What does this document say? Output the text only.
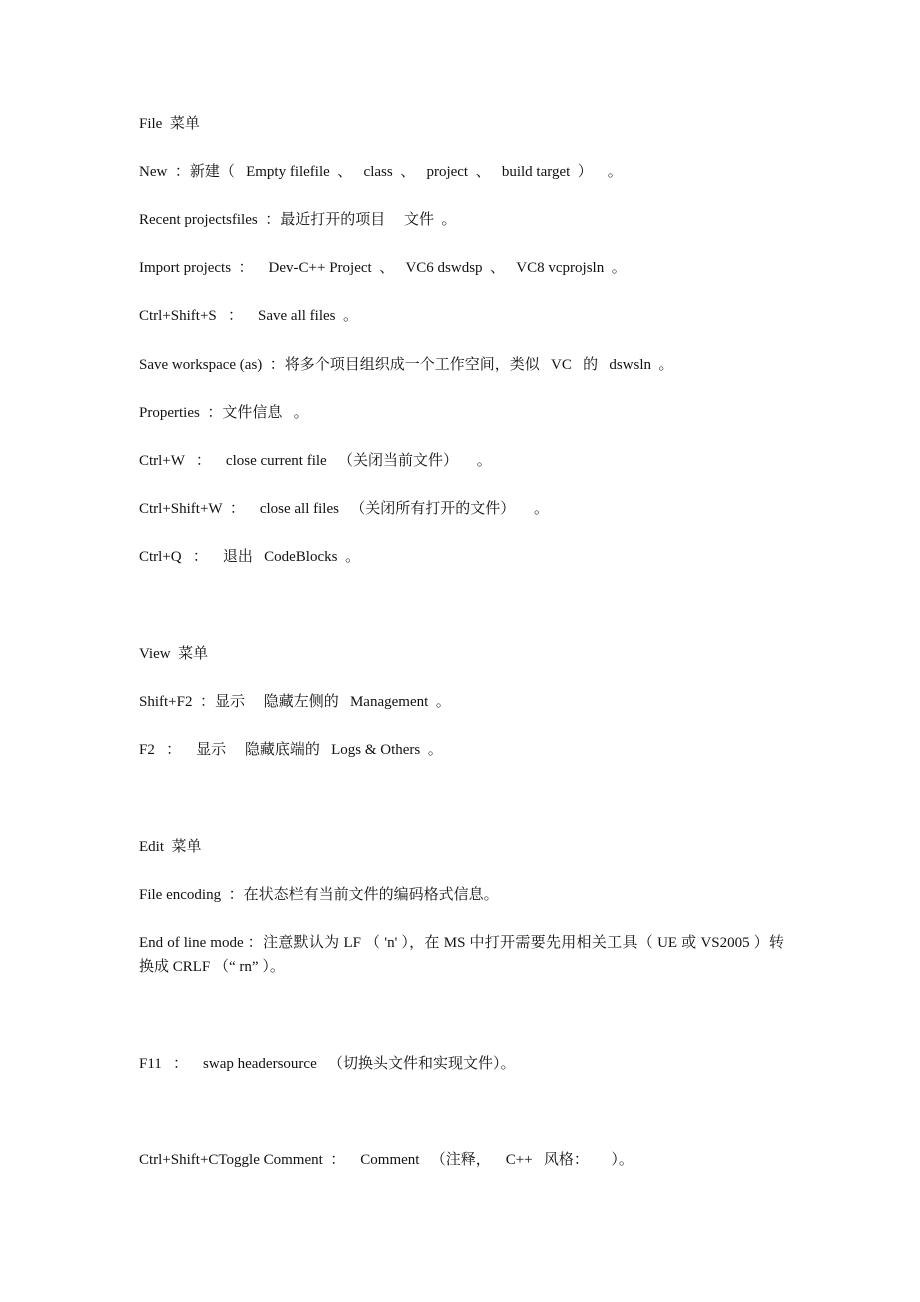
File  菜单
New  ：新建（   Empty filefile  、   class  、   project  、   build target  ）    。
Recent projectsfiles  ：最近打开的项目     文件  。
Import projects  ：    Dev-C++ Project  、   VC6 dswdsp  、   VC8 vcprojsln  。
Ctrl+Shift+S   ：    Save all files  。
Save workspace (as)  ：将多个项目组织成一个工作空间，类似   VC   的   dswsln  。
Properties  ：文件信息   。
Ctrl+W   ：    close current file   （关闭当前文件）     。
Ctrl+Shift+W  ：    close all files   （关闭所有打开的文件）     。
Ctrl+Q   ：    退出   CodeBlocks  。
View  菜单
Shift+F2  ：显示     隐藏左侧的   Management  。
F2   ：    显示     隐藏底端的   Logs & Others  。
Edit  菜单
File encoding  ：在状态栏有当前文件的编码格式信息。
End of line mode ：注意默认为 LF （ 'n' ），在 MS 中打开需要先用相关工具（ UE 或 VS2005 ）转换成 CRLF （“ rn” ）。
F11   ：    swap headersource   （切换头文件和实现文件）。
Ctrl+Shift+CToggle Comment  ：    Comment   （注释，    C++   风格：      ）。
